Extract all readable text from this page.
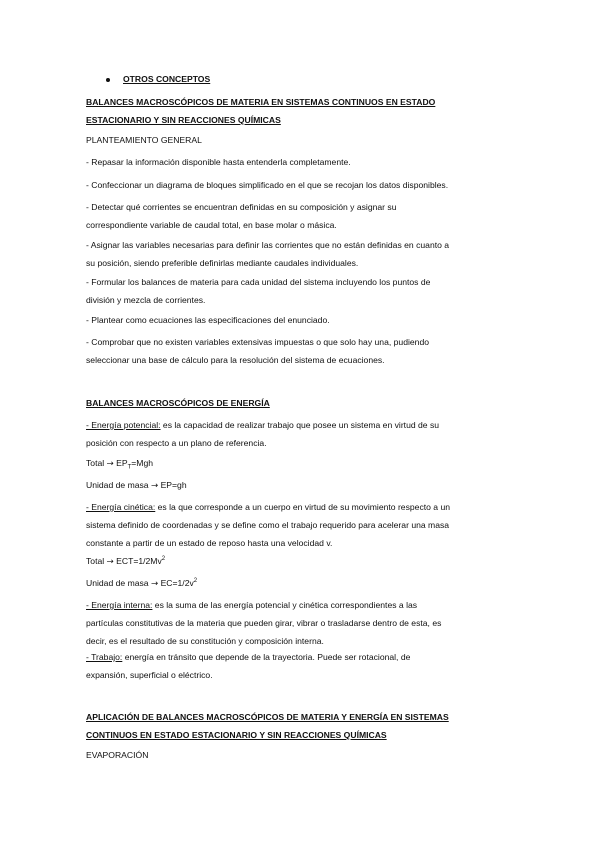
OTROS CONCEPTOS
BALANCES MACROSCÓPICOS DE MATERIA EN SISTEMAS CONTINUOS EN ESTADO
ESTACIONARIO Y SIN REACCIONES QUÍMICAS
PLANTEAMIENTO GENERAL
- Repasar la información disponible hasta entenderla completamente.
- Confeccionar un diagrama de bloques simplificado en el que se recojan los datos disponibles.
- Detectar qué corrientes se encuentran definidas en su composición y asignar su
correspondiente variable de caudal total, en base molar o másica.
- Asignar las variables necesarias para definir las corrientes que no están definidas en cuanto a
su posición, siendo preferible definirlas mediante caudales individuales.
- Formular los balances de materia para cada unidad del sistema incluyendo los puntos de
división y mezcla de corrientes.
- Plantear como ecuaciones las especificaciones del enunciado.
- Comprobar que no existen variables extensivas impuestas o que solo hay una, pudiendo
seleccionar una base de cálculo para la resolución del sistema de ecuaciones.
BALANCES MACROSCÓPICOS DE ENERGÍA
- Energía potencial: es la capacidad de realizar trabajo que posee un sistema en virtud de su
posición con respecto a un plano de referencia.
Total → $EP_T=Mgh$
Unidad de masa → EP=gh
- Energía cinética: es la que corresponde a un cuerpo en virtud de su movimiento respecto a un
sistema definido de coordenadas y se define como el trabajo requerido para acelerar una masa
constante a partir de un estado de reposo hasta una velocidad v.
Total → $ECT=1/2Mv^2$
Unidad de masa → $EC=1/2v^2$
- Energía interna: es la suma de las energía potencial y cinética correspondientes a las
partículas constitutivas de la materia que pueden girar, vibrar o trasladarse dentro de esta, es
decir, es el resultado de su constitución y composición interna.
- Trabajo: energía en tránsito que depende de la trayectoria. Puede ser rotacional, de
expansión, superficial o eléctrico.
APLICACIÓN DE BALANCES MACROSCÓPICOS DE MATERIA Y ENERGÍA EN SISTEMAS
CONTINUOS EN ESTADO ESTACIONARIO Y SIN REACCIONES QUÍMICAS
EVAPORACIÓN
